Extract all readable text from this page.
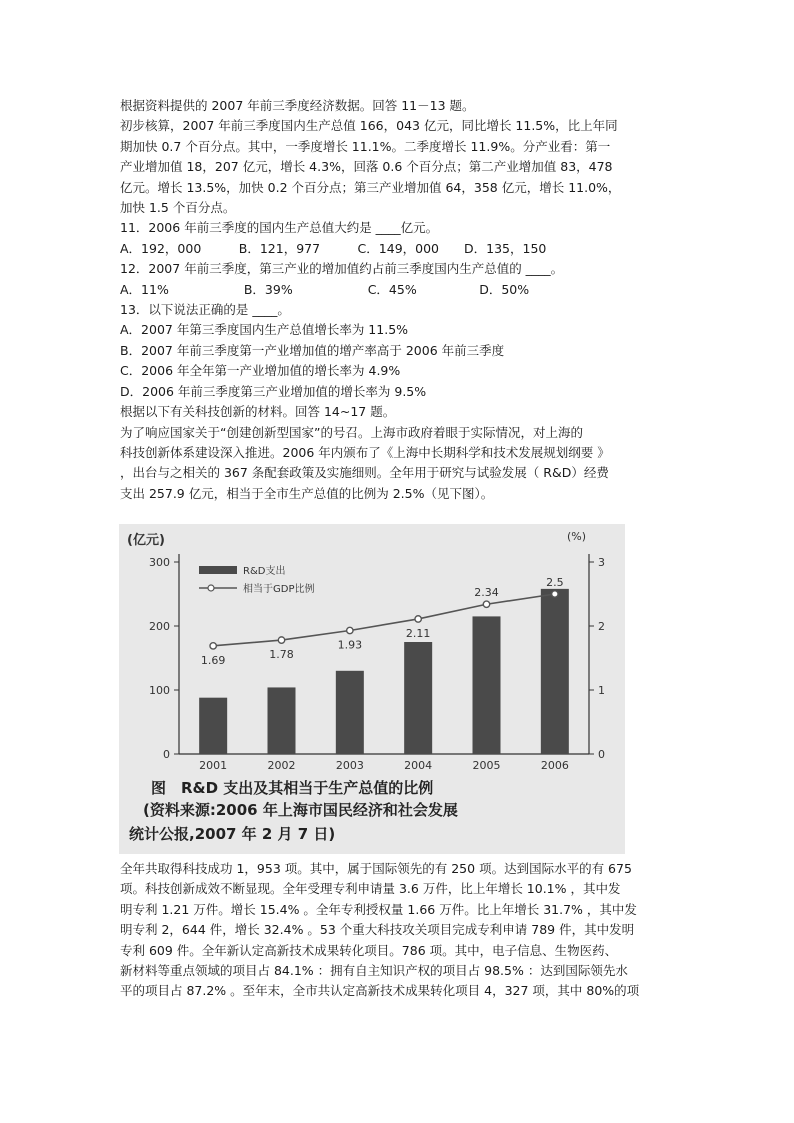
根据资料提供的 2007 年前三季度经济数据。回答 11－13 题。

初步核算，2007 年前三季度国内生产总值 166，043 亿元，同比增长 11.5%，比上年同

期加快 0.7 个百分点。其中，一季度增长 11.1%。二季度增长 11.9%。分产业看：第一

产业增加值 18，207 亿元，增长 4.3%，回落 0.6 个百分点；第二产业增加值 83，478

亿元。增长 13.5%，加快 0.2 个百分点；第三产业增加值 64，358 亿元，增长 11.0%，

加快 1.5 个百分点。

11．2006 年前三季度的国内生产总值大约是 ____亿元。

A．192，000　　　B．121，977　　　C．149，000　　D．135，150

12．2007 年前三季度，第三产业的增加值约占前三季度国内生产总值的 ____。

A．11%　　　　　　B．39%　　　　　　C．45%　　　　　D．50%

13．以下说法正确的是 ____。

A．2007 年第三季度国内生产总值增长率为 11.5%

B．2007 年前三季度第一产业增加值的增产率高于 2006 年前三季度

C．2006 年全年第一产业增加值的增长率为 4.9%

D．2006 年前三季度第三产业增加值的增长率为 9.5%

根据以下有关科技创新的材料。回答 14~17 题。

为了响应国家关于“创建创新型国家”的号召。上海市政府着眼于实际情况，对上海的

科技创新体系建设深入推进。2006 年内颁布了《上海中长期科学和技术发展规划纲要 》

，出台与之相关的 367 条配套政策及实施细则。全年用于研究与试验发展（ R&D）经费

支出 257.9 亿元，相当于全市生产总值的比例为 2.5%（见下图）。

0
100
200
300
0
1
2
3
(亿元)	(%)
2001	2002	2003	2004	2005	2006
1.69	1.78
1.93
2.11
2.34
2.5
R&D支出
相当于GDP比例
图　R&D 支出及其相当于生产总值的比例
(资料来源:2006 年上海市国民经济和社会发展
统计公报,2007 年 2 月 7 日)

全年共取得科技成功 1，953 项。其中，属于国际领先的有 250 项。达到国际水平的有 675

项。科技创新成效不断显现。全年受理专利申请量 3.6 万件，比上年增长 10.1% ，其中发

明专利 1.21 万件。增长 15.4% 。全年专利授权量 1.66 万件。比上年增长 31.7% ，其中发

明专利 2，644 件，增长 32.4% 。53 个重大科技攻关项目完成专利申请 789 件，其中发明

专利 609 件。全年新认定高新技术成果转化项目。786 项。其中，电子信息、生物医药、

新材料等重点领域的项目占 84.1% ：拥有自主知识产权的项目占 98.5% ：达到国际领先水

平的项目占 87.2% 。至年末，全市共认定高新技术成果转化项目 4，327 项，其中 80%的项
